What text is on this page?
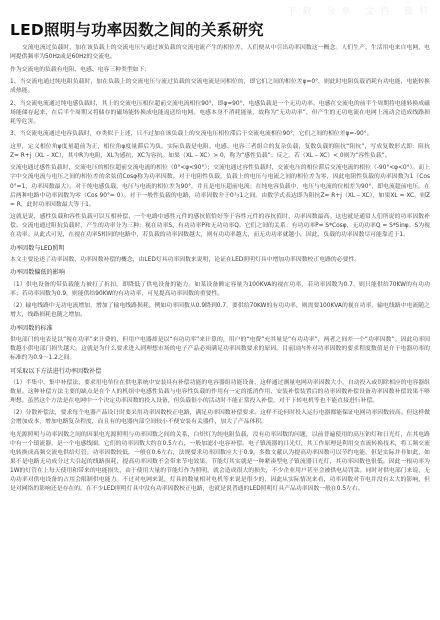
下载 分享 文档 资料
LED照明与功率因数之间的关系研究

交流电流过负载时，加在该负载上的交流电压与通过该负载的交流电流产生的相位差，人们便从中引出功率因数这一概念。人们生产、生活用电来自电网，电网提供频率为50Hz或是60Hz的交流电。

作为交流电的负载有电阻、电感、电容三种类型如下：

1、当交流电通过纯电阻负载时，加在负载上的交流电压与流过负载的交流电流是同相位的，即它们之间的相位差φ=0°，则此时电阻负载消耗有功电能，电能转换成热能。

2、当交流电流通过纯电感负载时，其上的交流电压相位超前交流电流相位90°，即φ=90°，电感负载是一个无功功率。电感在交流电的前半个周期将电能转换成磁场能储存起来，在后半个周期又将储存的磁场能转换成电能返送给电网。电感本身不消耗能量，故称为“无功功率”，但产生的无功电流在电网上流动会造成线路损耗等危害。

3、当交流电流通过电容负载时，亦类似于上述，只不过加在该负载上的交流电压相位滞后于交流电流相位90°，它们之间的相位差φ=-90°。

这里，定义相位角φ度量超前为正，相位角φ度量滞后为负。实际负载是电阻、电感、电容三者组合的复杂负载，复数负载的阻抗“阻抗”，写成复数形式即：阻抗Z= R+j（XL – XC），其中R为电阻，XL为感抗，XC为容抗。如果（XL – XC）> 0，称为“感性负载”；反之，若（XL – XC）< 0则为“容性负载”。

交流电通过感性负载时，交流电压的相位超前交流电流的相位（0°<φ<90°）；交流电通过容性负载时，交流电压的相位滞后交流电流的相位（-90°<φ<0°）。而上字中交流电流与电压之间的相位差的余弦值Cosφ称为功率因数。对于电阻性负载，负载上的电压与电流之间的相位差为零，因此电阻性负载的功率因数为1（Cos 0°=1，功率因数最大）。对于纯电感负载，电压与电流的相位差为90°，并且是电压超前电流；在纯电容负载中，电压与电流的位相差为90°，即电流超前电压。在后两种电路中功率因数为零（Cos 90°= 0）。对于一般性负载的电路，功率因数介于0与1之间。由数学式表达即为阻抗Z= R+j（XL – XC），如果XL = XC，则Z = R，此时功率因数最大等于1。

这就是说，感性负载和容性负载可以互相补偿，一个电路中感性元件的感抗值恰好等于容性元件的容抗值时，功率因数最高。这也就是通常人们所说的功率因数补偿。交流电通过阻抗负载时，产生的功率分为三种：视在功率S、有功功率P和无功功率Q。它们之间的关系：有功功率P= S*Cosφ，无功功率Q = S*Sinφ。S为视在功率。从此式可见，在视在功率S相同的电路中，若负载的功率因数越大，则有功功率越大，而无功功率就越小。因此，负载的功率因数尽可能靠近于1。

功率因数与LED照明

本文主要论述了功率因数、功率因数补偿的概念，由LED灯具功率因数来说明，论证在LED照明灯具中增加功率因数校正电路的必要性。

功率因数偏低的影响

（1）供电设备的带负载能力被打了折扣，即降低了供电设备的能力。如某设备额定容量为100KVA的视在功率，若功率因数为0.7，则只能供给70KW的有功功率；若功率因数为0.9，则能供给90KW的有功功率，可见提高功率因数的重要性。

（2）输电线路中无功电流增加，增加了输电线路损耗。例如功率因数从0.9降到0.7，要供给70KW的有功功率，则需要100KVA的视在功率，输电线路中电流随之增大，线路损耗也随之增加。

功率因数的标准

供电部门的电表是以“视在功率”来计费的，但用户电器却是以“有功功率”来计算的，用户的“电费”充其量是“有功功率”，两者之间差一个“功率因数”。因此功率因数越小供电部门损失越大。这就是为什么要求进入到理想市场的电子产品必须满足功率因数要求的原因。目前国内外对功率因数的要求程度数值是介于电器功率的标准约为0.9～1.2之间。

可采取以下方法进行功率因数补偿

（1）半集中、集中补偿法，要求用电单位在供电系统中安装具有补偿功能的电容器组功能设备，这样通过测量电网功率因数大小，自动投入或切除相应的电容器组数量。这种补偿方法主要的缺点是在个人的机组中电感性负载与电容性负载的作用有一定的抵消作用，安装补偿装置后的功率因数补偿设备功率因数补偿效果不够理想。虽然这个方法是在电网中一个决定功率因数的投入设备，但负载很小的活动时不能正常投入补偿，对于下转电机等也不能直接进行补偿。

（2）分散补偿法，要求每个电器产品设计时要采用功率因数校正电路，满足功率因数补偿要求。这样不论何时投入运行电器都能保证电网功率因数较高。但这样做会增加成本，增加电路复杂程度，而且有的电器内部空间较小不便安装有关器件，加大了产品体积。

电光源照明与功率因数之间的因果电光源照明与功率因数之间的关系，白炽灯为纯电阻负载，没有功率因数的问题，以前普遍使用的高压钠灯和日光灯，在其电路中有一个镇流器，是一个电感线圈，它们的功率因数大约在0.5左右，一般加滤小电容补偿。电子镇流器的日光灯，其工作原理是利用交直流转换技术，将工频交流电转换成高频交流电供给灯管。功率因数较低，一般在0.6左右，法规要求功率因数应大于0.9。多数文献认为提高功率因数可以节约电能，但是实际并非如此，如果不是电路无功成分过大引起的线路损耗，提高功率因数不会带来节电效果。节能灯其实就是一种紧凑型电子镇流器日光灯，其功率因数也很低。因此一根功率为1W的灯管在上每天使用和带来的电能损失，由于使用大量的节能灯作为照明，就会造成很大的损失，不少企业用户甚至会被供电局罚款。同时对供电部门来说，无功功率对供电设备的占用会限制供电能力。不过对电网来说，灯具的数量相对电机等来说是很少的，因此从实际情况来看，功率因数对节电并没有太大的影响，但是对网络的影响还是存在的。在不少LED照明灯具中没有功率因数校正电路，也就是说普通的LED照明灯具产品功率因数一般在0.5左右。
